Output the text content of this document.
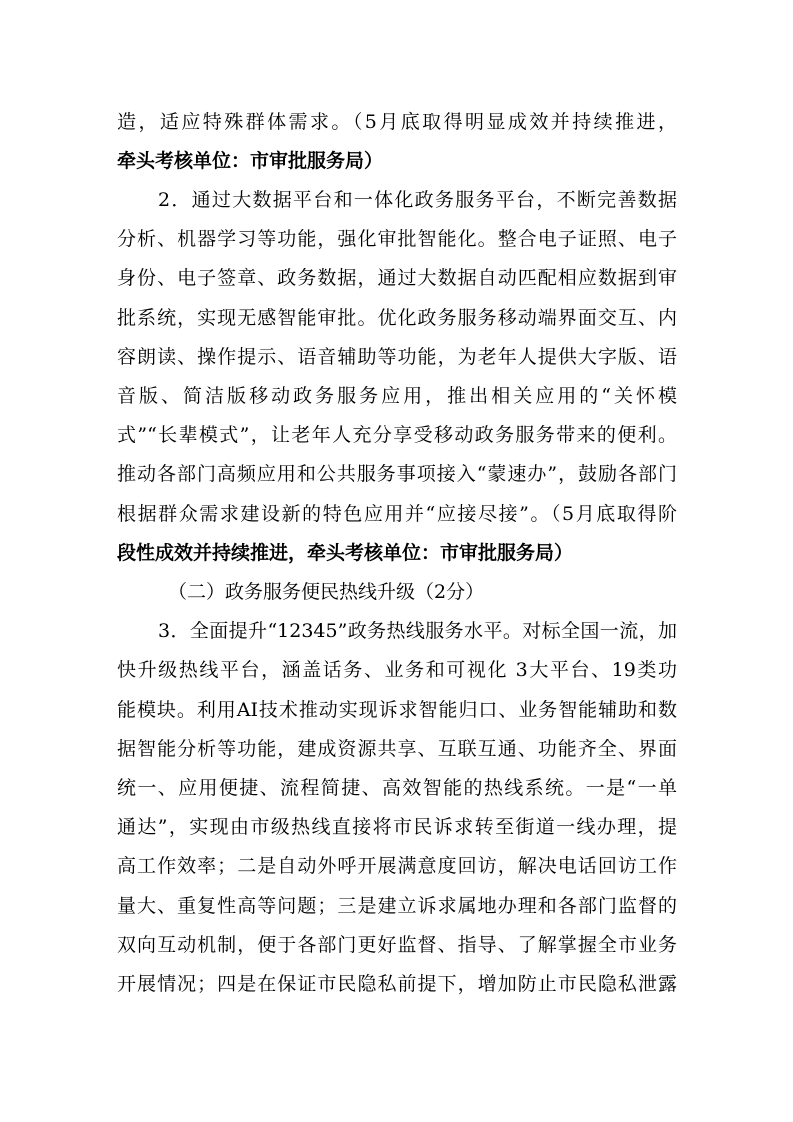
造，适应特殊群体需求。（5月底取得明显成效并持续推进，
牵头考核单位：市审批服务局）
2．通过大数据平台和一体化政务服务平台，不断完善数据
分析、机器学习等功能，强化审批智能化。整合电子证照、电子
身份、电子签章、政务数据，通过大数据自动匹配相应数据到审
批系统，实现无感智能审批。优化政务服务移动端界面交互、内
容朗读、操作提示、语音辅助等功能，为老年人提供大字版、语
音版、简洁版移动政务服务应用，推出相关应用的“关怀模
式”“长辈模式”，让老年人充分享受移动政务服务带来的便利。
推动各部门高频应用和公共服务事项接入“蒙速办”，鼓励各部门
根据群众需求建设新的特色应用并“应接尽接”。（5月底取得阶
段性成效并持续推进，牵头考核单位：市审批服务局）
（二）政务服务便民热线升级（2分）
3．全面提升“12345”政务热线服务水平。对标全国一流，加
快升级热线平台，涵盖话务、业务和可视化 3大平台、19类功
能模块。利用AI技术推动实现诉求智能归口、业务智能辅助和数
据智能分析等功能，建成资源共享、互联互通、功能齐全、界面
统一、应用便捷、流程简捷、高效智能的热线系统。一是“一单
通达”，实现由市级热线直接将市民诉求转至街道一线办理，提
高工作效率；二是自动外呼开展满意度回访，解决电话回访工作
量大、重复性高等问题；三是建立诉求属地办理和各部门监督的
双向互动机制，便于各部门更好监督、指导、了解掌握全市业务
开展情况；四是在保证市民隐私前提下，增加防止市民隐私泄露
